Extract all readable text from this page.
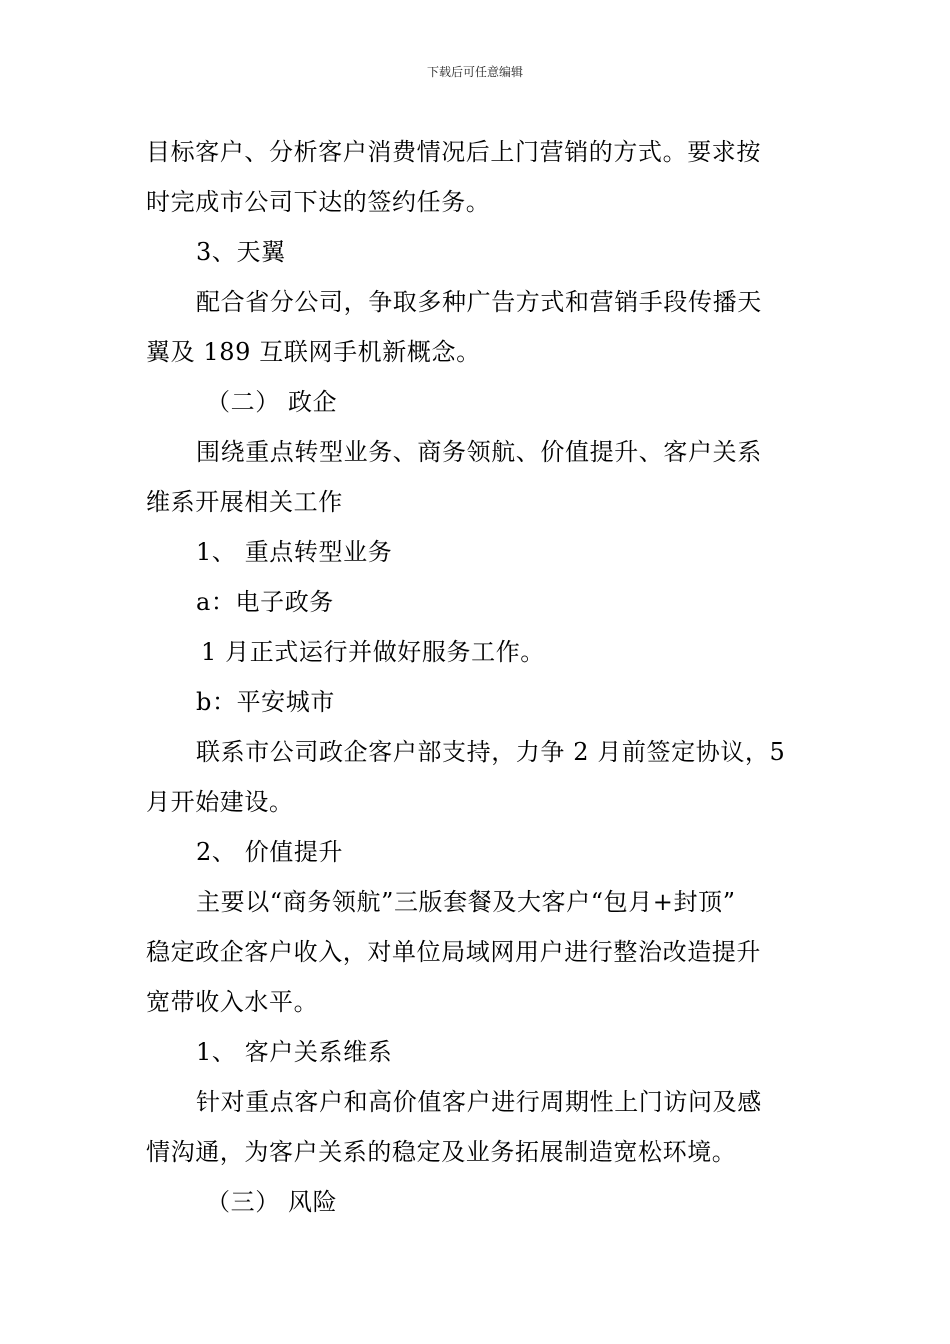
下载后可任意编辑
目标客户、分析客户消费情况后上门营销的方式。要求按
时完成市公司下达的签约任务。
3、天翼
配合省分公司，争取多种广告方式和营销手段传播天
翼及 189 互联网手机新概念。
（二） 政企
围绕重点转型业务、商务领航、价值提升、客户关系
维系开展相关工作
1、 重点转型业务
a：电子政务
1 月正式运行并做好服务工作。
b：平安城市
联系市公司政企客户部支持，力争 2 月前签定协议，5
月开始建设。
2、 价值提升
主要以“商务领航”三版套餐及大客户“包月+封顶”
稳定政企客户收入，对单位局域网用户进行整治改造提升
宽带收入水平。
1、 客户关系维系
针对重点客户和高价值客户进行周期性上门访问及感
情沟通，为客户关系的稳定及业务拓展制造宽松环境。
（三） 风险
